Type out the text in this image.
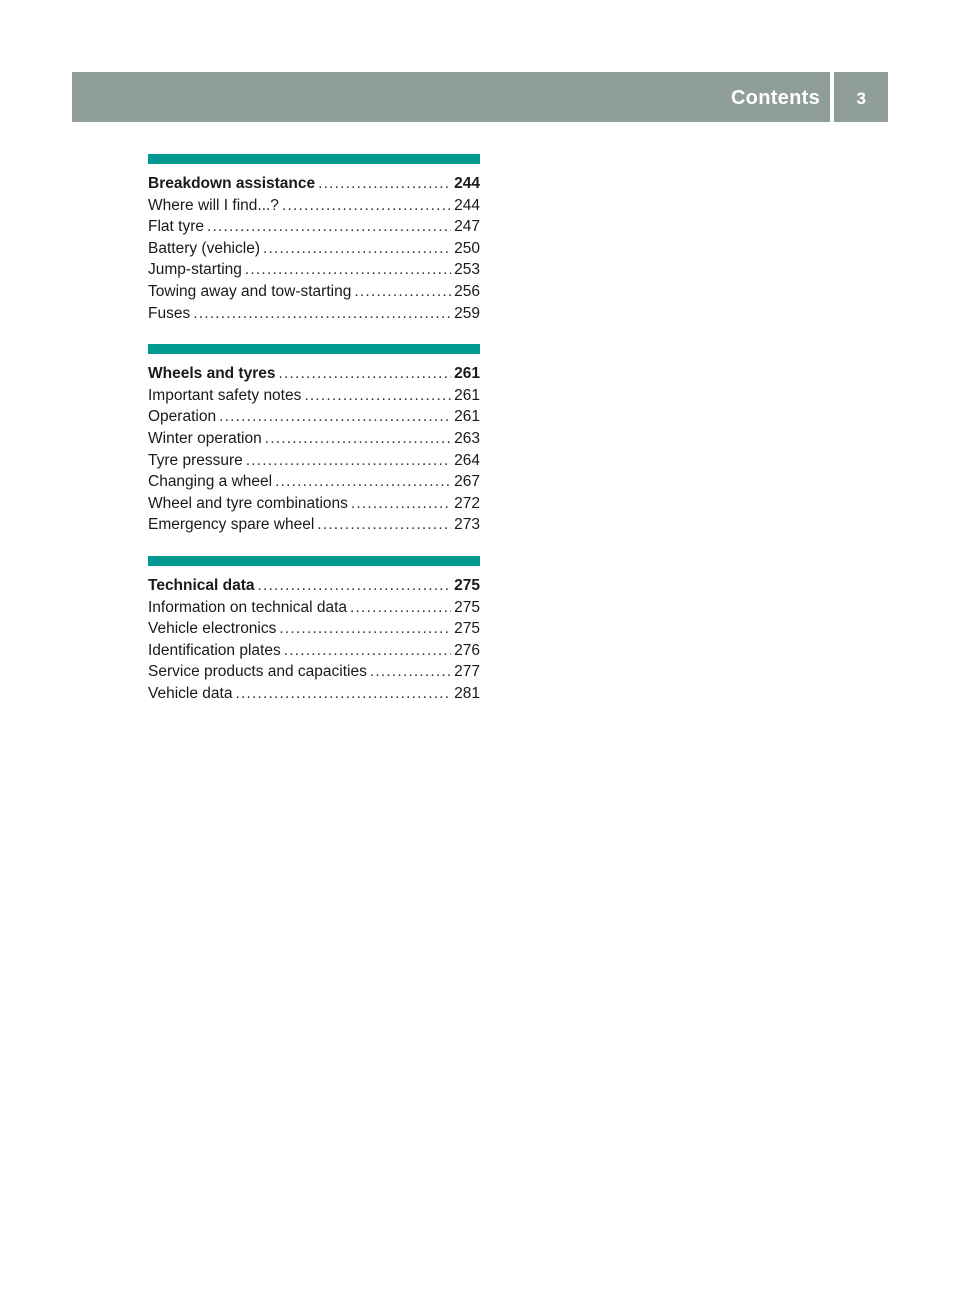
Contents 3
Breakdown assistance .....	244
Where will I find...? .....	244
Flat tyre .....	247
Battery (vehicle) .....	250
Jump-starting .....	253
Towing away and tow-starting .....	256
Fuses .....	259
Wheels and tyres .....	261
Important safety notes .....	261
Operation .....	261
Winter operation .....	263
Tyre pressure .....	264
Changing a wheel .....	267
Wheel and tyre combinations .....	272
Emergency spare wheel .....	273
Technical data .....	275
Information on technical data .....	275
Vehicle electronics .....	275
Identification plates .....	276
Service products and capacities .....	277
Vehicle data .....	281
